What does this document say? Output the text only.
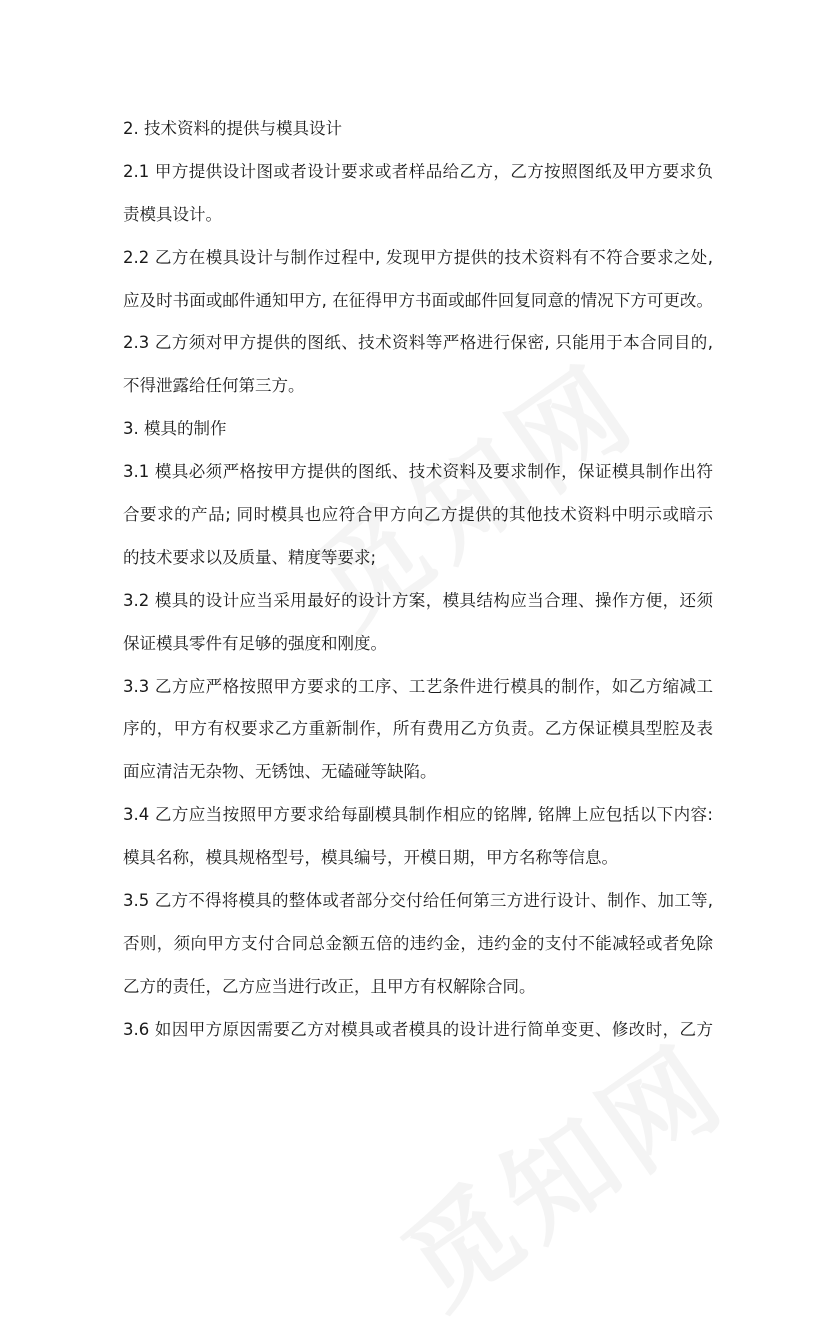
2. 技术资料的提供与模具设计
2.1 甲方提供设计图或者设计要求或者样品给乙方，乙方按照图纸及甲方要求负
责模具设计。
2.2 乙方在模具设计与制作过程中, 发现甲方提供的技术资料有不符合要求之处,
应及时书面或邮件通知甲方, 在征得甲方书面或邮件回复同意的情况下方可更改。
2.3 乙方须对甲方提供的图纸、技术资料等严格进行保密, 只能用于本合同目的,
不得泄露给任何第三方。
3. 模具的制作
3.1 模具必须严格按甲方提供的图纸、技术资料及要求制作，保证模具制作出符
合要求的产品; 同时模具也应符合甲方向乙方提供的其他技术资料中明示或暗示
的技术要求以及质量、精度等要求;
3.2 模具的设计应当采用最好的设计方案，模具结构应当合理、操作方便，还须
保证模具零件有足够的强度和刚度。
3.3 乙方应严格按照甲方要求的工序、工艺条件进行模具的制作，如乙方缩减工
序的，甲方有权要求乙方重新制作，所有费用乙方负责。乙方保证模具型腔及表
面应清洁无杂物、无锈蚀、无磕碰等缺陷。
3.4 乙方应当按照甲方要求给每副模具制作相应的铭牌, 铭牌上应包括以下内容:
模具名称，模具规格型号，模具编号，开模日期，甲方名称等信息。
3.5 乙方不得将模具的整体或者部分交付给任何第三方进行设计、制作、加工等,
否则，须向甲方支付合同总金额五倍的违约金，违约金的支付不能减轻或者免除
乙方的责任，乙方应当进行改正，且甲方有权解除合同。
3.6 如因甲方原因需要乙方对模具或者模具的设计进行简单变更、修改时，乙方
